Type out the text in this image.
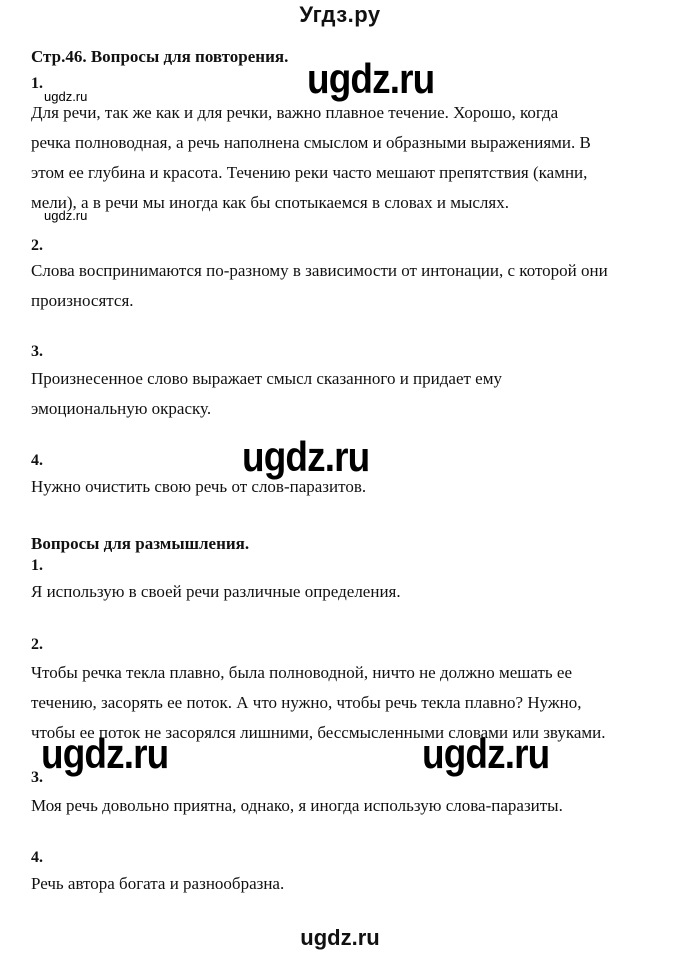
Угдз.ру
Стр.46. Вопросы для повторения. ugdz.ru
1.
ugdz.ru
Для речи, так же как и для речки, важно плавное течение. Хорошо, когда
речка полноводная, а речь наполнена смыслом и образными выражениями. В
этом ее глубина и красота. Течению реки часто мешают препятствия (камни,
мели), а в речи мы иногда как бы спотыкаемся в словах и мыслях.
ugdz.ru
2.
Слова воспринимаются по-разному в зависимости от интонации, с которой они
произносятся.
3.
Произнесенное слово выражает смысл сказанного и придает ему
эмоциональную окраску.
4.	ugdz.ru
Нужно очистить свою речь от слов-паразитов.
Вопросы для размышления.
1.
Я использую в своей речи различные определения.
2.
Чтобы речка текла плавно, была полноводной, ничто не должно мешать ее
течению, засорять ее поток. А что нужно, чтобы речь текла плавно? Нужно,
чтобы ее поток не засорялся лишними, бессмысленными словами или звуками.
ugdz.ru	ugdz.ru
3.
Моя речь довольно приятна, однако, я иногда использую слова-паразиты.
4.
Речь автора богата и разнообразна.
ugdz.ru
